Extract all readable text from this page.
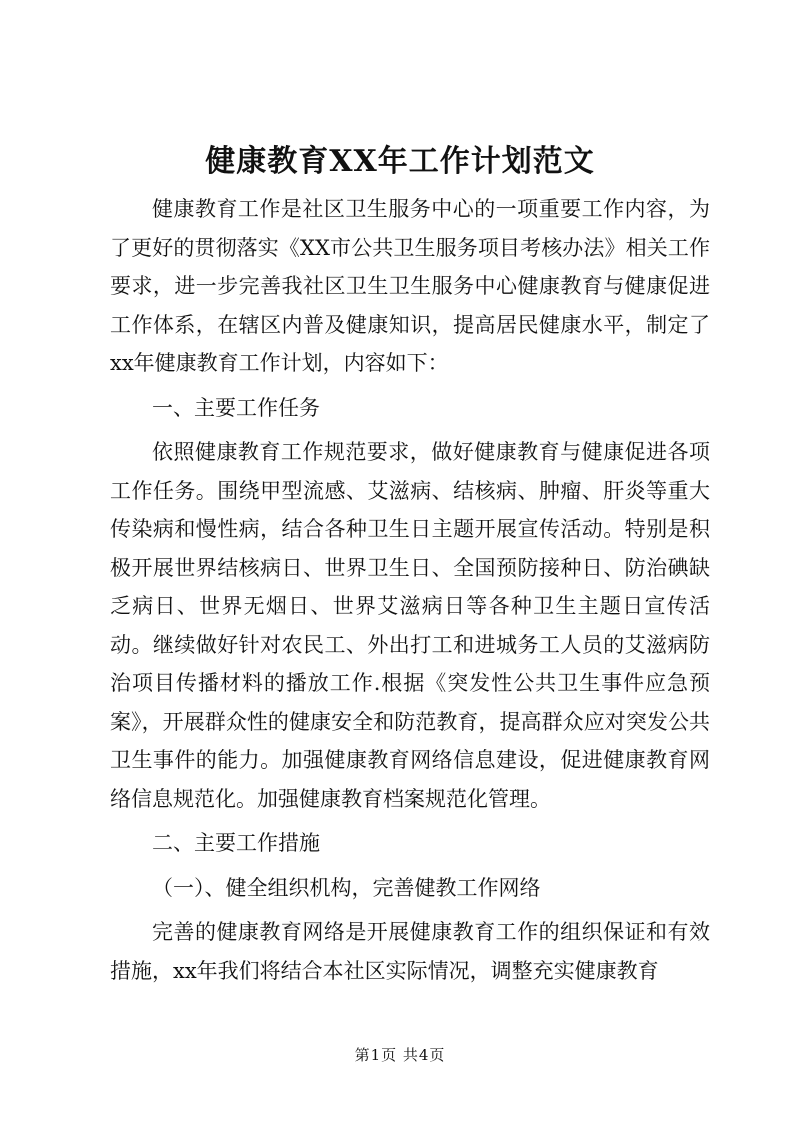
健康教育XX年工作计划范文

健康教育工作是社区卫生服务中心的一项重要工作内容，为了更好的贯彻落实《XX市公共卫生服务项目考核办法》相关工作要求，进一步完善我社区卫生卫生服务中心健康教育与健康促进工作体系，在辖区内普及健康知识，提高居民健康水平，制定了xx年健康教育工作计划，内容如下：

一、主要工作任务

依照健康教育工作规范要求，做好健康教育与健康促进各项工作任务。围绕甲型流感、艾滋病、结核病、肿瘤、肝炎等重大传染病和慢性病，结合各种卫生日主题开展宣传活动。特别是积极开展世界结核病日、世界卫生日、全国预防接种日、防治碘缺乏病日、世界无烟日、世界艾滋病日等各种卫生主题日宣传活动。继续做好针对农民工、外出打工和进城务工人员的艾滋病防治项目传播材料的播放工作.根据《突发性公共卫生事件应急预案》，开展群众性的健康安全和防范教育，提高群众应对突发公共卫生事件的能力。加强健康教育网络信息建设，促进健康教育网络信息规范化。加强健康教育档案规范化管理。

二、主要工作措施

（一）、健全组织机构，完善健教工作网络

完善的健康教育网络是开展健康教育工作的组织保证和有效措施，xx年我们将结合本社区实际情况，调整充实健康教育

第1页 共4页
